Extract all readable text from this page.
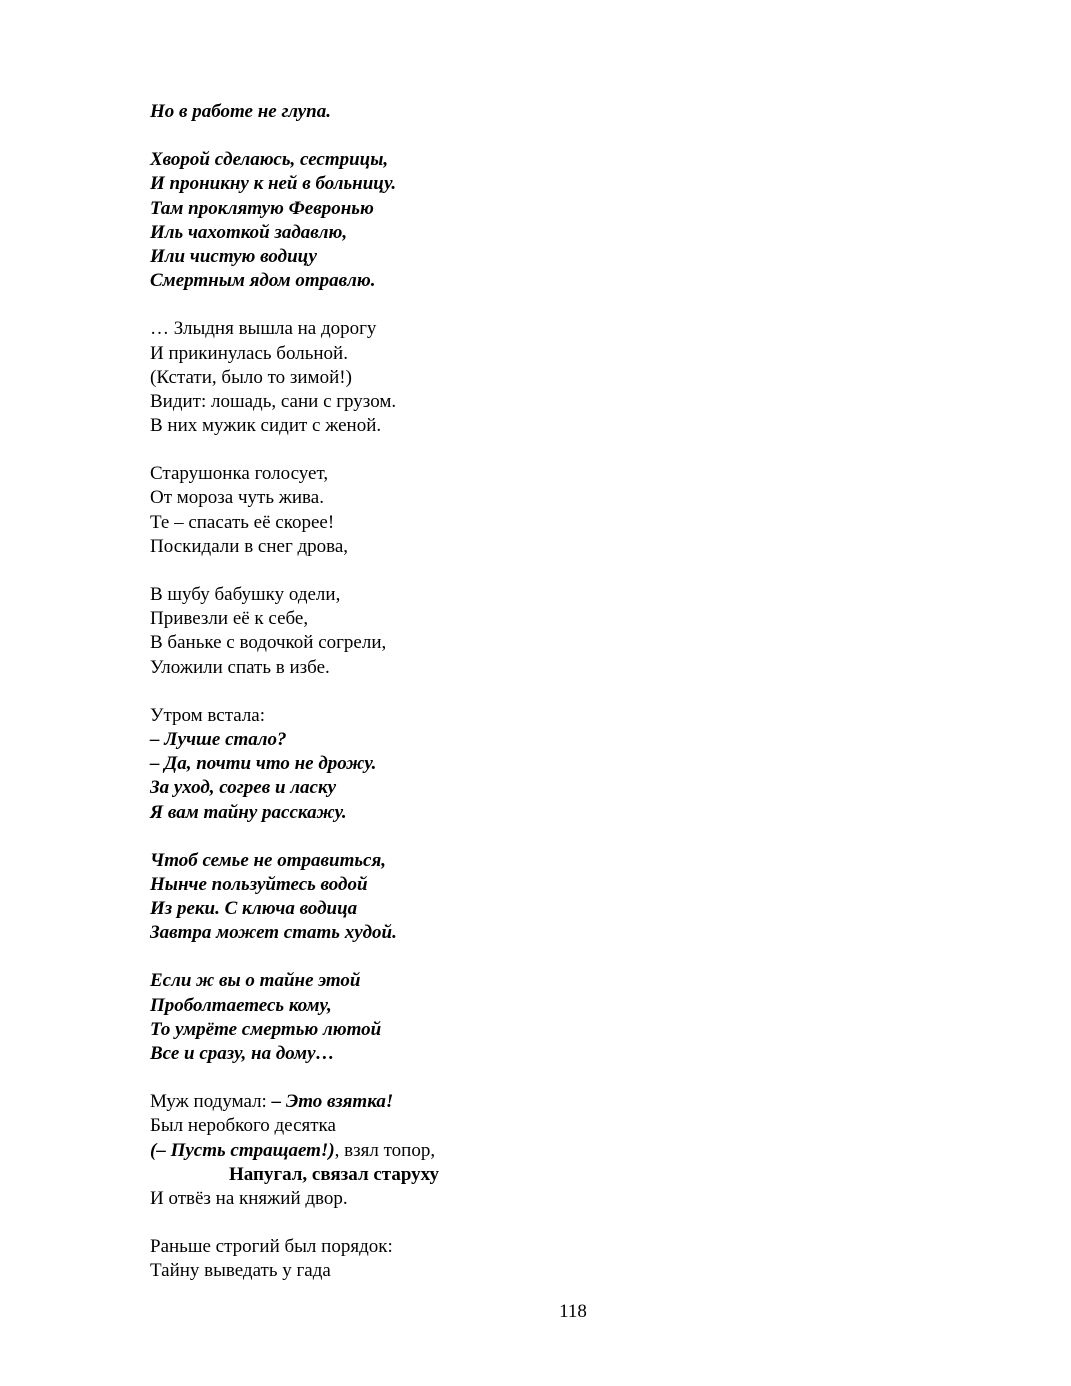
Но в работе не глупа.
Хворой сделаюсь, сестрицы,
И проникну к ней в больницу.
Там проклятую Февронью
Иль чахоткой задавлю,
Или чистую водицу
Смертным ядом отравлю.
… Злыдня вышла на дорогу
И прикинулась больной.
(Кстати, было то зимой!)
Видит: лошадь, сани с грузом.
В них мужик сидит с женой.
Старушонка голосует,
От мороза чуть жива.
Те – спасать её скорее!
Поскидали в снег дрова,
В шубу бабушку одели,
Привезли её к себе,
В баньке с водочкой согрели,
Уложили спать в избе.
Утром встала:
– Лучше стало?
– Да, почти что не дрожу.
За уход, согрев и ласку
Я вам тайну расскажу.
Чтоб семье не отравиться,
Нынче пользуйтесь водой
Из реки. С ключа водица
Завтра может стать худой.
Если ж вы о тайне этой
Проболтаетесь кому,
То умрёте смертью лютой
Все и сразу, на дому…
Муж подумал: – Это взятка!
Был неробкого десятка
(– Пусть стращает!), взял топор,
Напугал, связал старуху
И отвёз на княжий двор.
Раньше строгий был порядок:
Тайну выведать у гада
118
